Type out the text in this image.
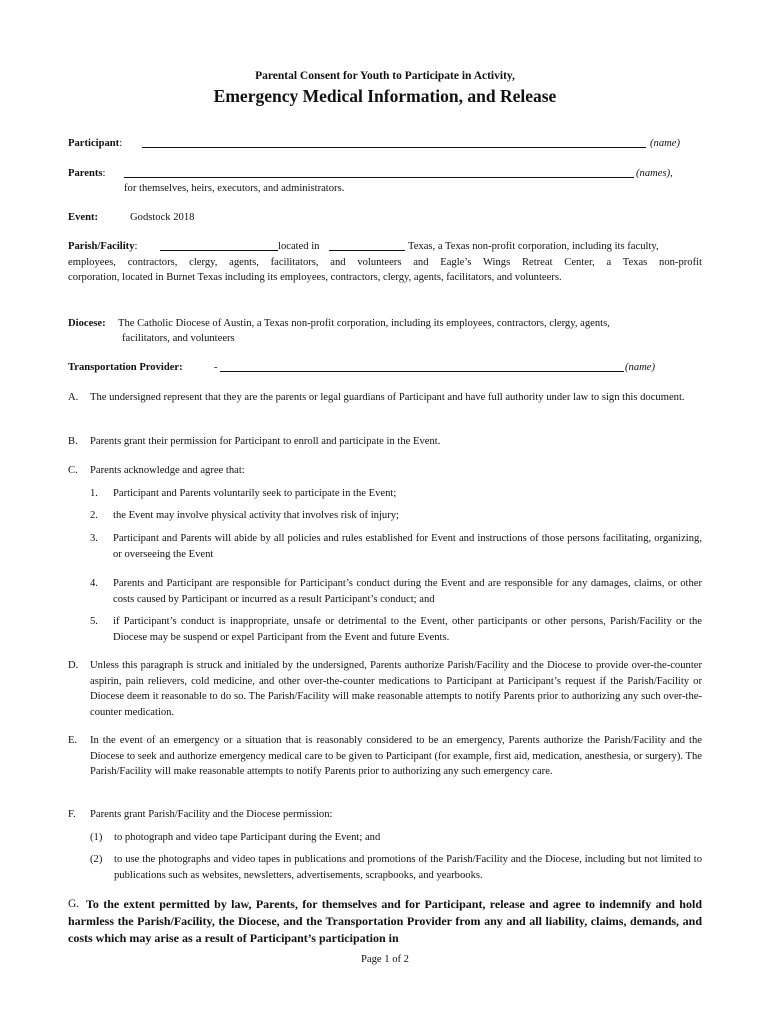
Parental Consent for Youth to Participate in Activity,
Emergency Medical Information, and Release
Participant:	(name)
Parents:	(names),
for themselves, heirs, executors, and administrators.
Event:	Godstock 2018
Parish/Facility:	located in	Texas, a Texas non-profit corporation, including its faculty,
employees, contractors, clergy, agents, facilitators, and volunteers and Eagle’s Wings Retreat Center, a Texas non-profit
corporation, located in Burnet Texas including its employees, contractors, clergy, agents, facilitators, and volunteers.
Diocese: The Catholic Diocese of Austin, a Texas non-profit corporation, including its employees, contractors, clergy, agents,
facilitators, and volunteers
Transportation Provider:	-	(name)
A. The undersigned represent that they are the parents or legal guardians of Participant and have full authority under law to sign this document.
B. Parents grant their permission for Participant to enroll and participate in the Event.
C. Parents acknowledge and agree that:
1. Participant and Parents voluntarily seek to participate in the Event;
2. the Event may involve physical activity that involves risk of injury;
3. Participant and Parents will abide by all policies and rules established for Event and instructions of those persons facilitating, organizing, or overseeing the Event
4. Parents and Participant are responsible for Participant’s conduct during the Event and are responsible for any damages, claims, or other costs caused by Participant or incurred as a result Participant’s conduct; and
5. if Participant’s conduct is inappropriate, unsafe or detrimental to the Event, other participants or other persons, Parish/Facility or the Diocese may be suspend or expel Participant from the Event and future Events.
D. Unless this paragraph is struck and initialed by the undersigned, Parents authorize Parish/Facility and the Diocese to provide over-the-counter aspirin, pain relievers, cold medicine, and other over-the-counter medications to Participant at Participant’s request if the Parish/Facility or Diocese deem it reasonable to do so. The Parish/Facility will make reasonable attempts to notify Parents prior to authorizing any such over-the-counter medication.
E. In the event of an emergency or a situation that is reasonably considered to be an emergency, Parents authorize the Parish/Facility and the Diocese to seek and authorize emergency medical care to be given to Participant (for example, first aid, medication, anesthesia, or surgery). The Parish/Facility will make reasonable attempts to notify Parents prior to authorizing any such emergency care.
F. Parents grant Parish/Facility and the Diocese permission:
(1) to photograph and video tape Participant during the Event; and
(2) to use the photographs and video tapes in publications and promotions of the Parish/Facility and the Diocese, including but not limited to publications such as websites, newsletters, advertisements, scrapbooks, and yearbooks.
G. To the extent permitted by law, Parents, for themselves and for Participant, release and agree to indemnify and hold harmless the Parish/Facility, the Diocese, and the Transportation Provider from any and all liability, claims, demands, and costs which may arise as a result of Participant’s participation in
Page 1 of 2
